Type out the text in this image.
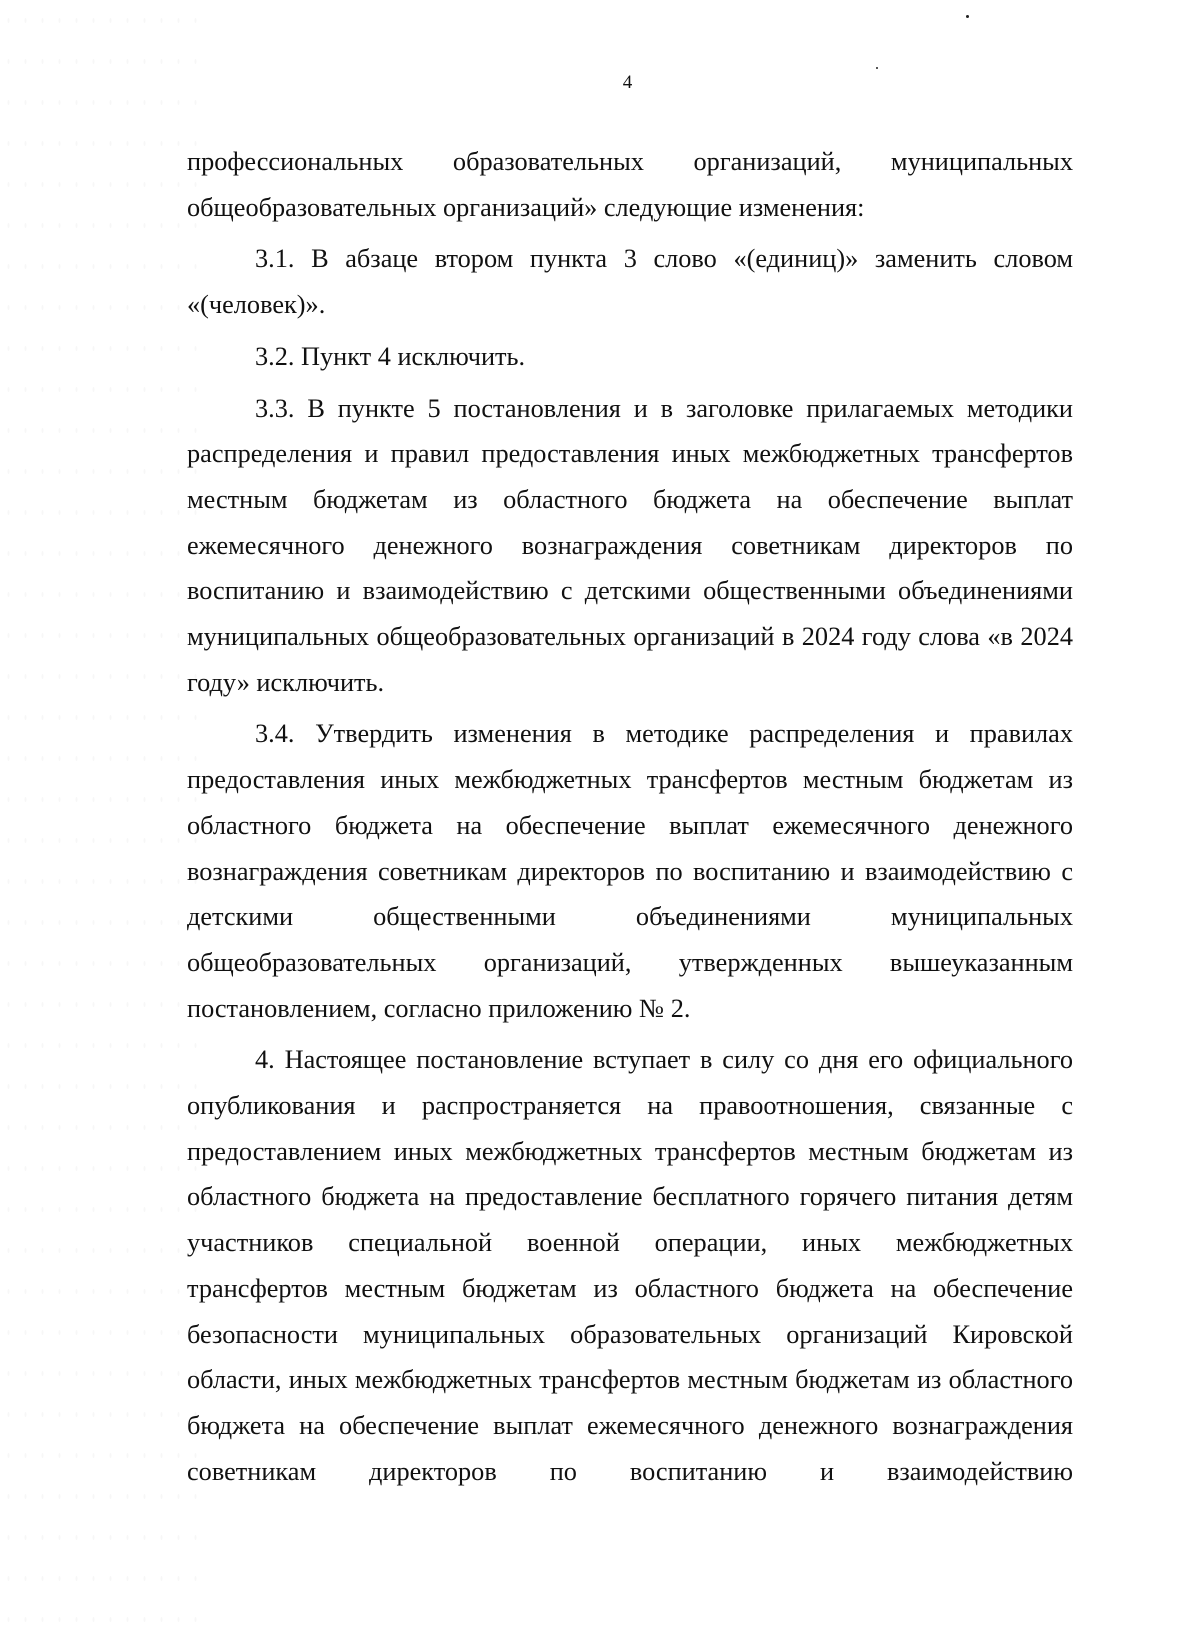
4

профессиональных образовательных организаций, муниципальных общеобразовательных организаций» следующие изменения:

3.1. В абзаце втором пункта 3 слово «(единиц)» заменить словом «(человек)».

3.2. Пункт 4 исключить.

3.3. В пункте 5 постановления и в заголовке прилагаемых методики распределения и правил предоставления иных межбюджетных трансфертов местным бюджетам из областного бюджета на обеспечение выплат ежемесячного денежного вознаграждения советникам директоров по воспитанию и взаимодействию с детскими общественными объединениями муниципальных общеобразовательных организаций в 2024 году слова «в 2024 году» исключить.

3.4. Утвердить изменения в методике распределения и правилах предоставления иных межбюджетных трансфертов местным бюджетам из областного бюджета на обеспечение выплат ежемесячного денежного вознаграждения советникам директоров по воспитанию и взаимодействию с детскими общественными объединениями муниципальных общеобразовательных организаций, утвержденных вышеуказанным постановлением, согласно приложению № 2.

4. Настоящее постановление вступает в силу со дня его официального опубликования и распространяется на правоотношения, связанные с предоставлением иных межбюджетных трансфертов местным бюджетам из областного бюджета на предоставление бесплатного горячего питания детям участников специальной военной операции, иных межбюджетных трансфертов местным бюджетам из областного бюджета на обеспечение безопасности муниципальных образовательных организаций Кировской области, иных межбюджетных трансфертов местным бюджетам из областного бюджета на обеспечение выплат ежемесячного денежного вознаграждения советникам директоров по воспитанию и взаимодействию
